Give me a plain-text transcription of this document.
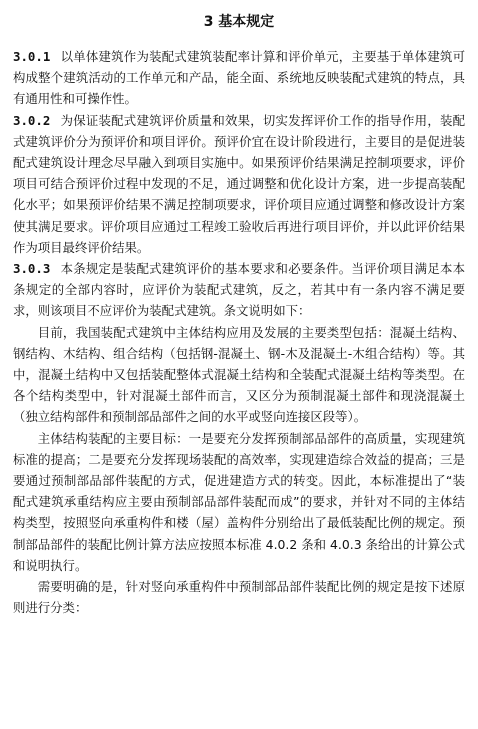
3 基本规定

3.0.1 以单体建筑作为装配式建筑装配率计算和评价单元，主要基于单体建筑可构成整个建筑活动的工作单元和产品，能全面、系统地反映装配式建筑的特点，具有通用性和可操作性。

3.0.2 为保证装配式建筑评价质量和效果，切实发挥评价工作的指导作用，装配式建筑评价分为预评价和项目评价。预评价宜在设计阶段进行，主要目的是促进装配式建筑设计理念尽早融入到项目实施中。如果预评价结果满足控制项要求，评价项目可结合预评价过程中发现的不足，通过调整和优化设计方案，进一步提高装配化水平；如果预评价结果不满足控制项要求，评价项目应通过调整和修改设计方案使其满足要求。评价项目应通过工程竣工验收后再进行项目评价，并以此评价结果作为项目最终评价结果。

3.0.3 本条规定是装配式建筑评价的基本要求和必要条件。当评价项目满足本本条规定的全部内容时，应评价为装配式建筑，反之，若其中有一条内容不满足要求，则该项目不应评价为装配式建筑。条文说明如下：

目前，我国装配式建筑中主体结构应用及发展的主要类型包括：混凝土结构、钢结构、木结构、组合结构（包括钢-混凝土、钢-木及混凝土-木组合结构）等。其中，混凝土结构中又包括装配整体式混凝土结构和全装配式混凝土结构等类型。在各个结构类型中，针对混凝土部件而言，又区分为预制混凝土部件和现浇混凝土（独立结构部件和预制部品部件之间的水平或竖向连接区段等）。

主体结构装配的主要目标：一是要充分发挥预制部品部件的高质量，实现建筑标准的提高；二是要充分发挥现场装配的高效率，实现建造综合效益的提高；三是要通过预制部品部件装配的方式，促进建造方式的转变。因此，本标准提出了“装配式建筑承重结构应主要由预制部品部件装配而成”的要求，并针对不同的主体结构类型，按照竖向承重构件和楼（屋）盖构件分别给出了最低装配比例的规定。预制部品部件的装配比例计算方法应按照本标准 4.0.2 条和 4.0.3 条给出的计算公式和说明执行。

需要明确的是，针对竖向承重构件中预制部品部件装配比例的规定是按下述原则进行分类：
